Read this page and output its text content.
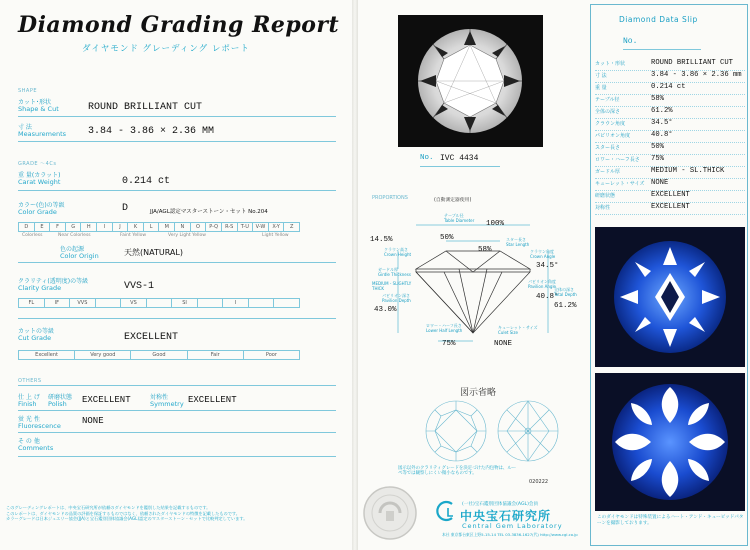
Diamond Grading Report
ダイヤモンド グレーディング レポート
SHAPE
カット･形状
Shape & Cut	ROUND BRILLIANT CUT
寸 法
Measurements 3.84 - 3.86 × 2.36 MM
GRADE ～4Cs
重 量(カラット)
Carat Weight	0.214 ct
カラー(色)の等級
Color Grade	D	JJA/AGL認定マスターストーン・セット No.204
D	E	F	G	H	I	J	K	L	M	N	O	P-Q	R-S	T-U	V-W	X-Y	Z
Colorless	Near Colorless	Faint Yellow	Very Light Yellow	Light Yellow
色の起源
Color Origin	天然(NATURAL)
クラリティ(透明度)の等級
Clarity Grade	VVS-1
FL	IF	VVS	VS	SI	I
カットの等級
Cut Grade	EXCELLENT
Excellent	Very good	Good	Fair	Poor
OTHERS
仕 上 げ
Finish
研磨状態
Polish EXCELLENT	対称性
Symmetry EXCELLENT
蛍 光 性
Fluorescence NONE
そ の 他
Comments
このグレーディングレポートは、中央宝石研究所が依頼のダイヤモンドを鑑別した結果を記載するものです。
このレポートは、ダイヤモンドの品質の評価を保証するものではなく、依頼されたダイヤモンドの特徴を記載したものです。
カラーグレードは日本ジュエリー協会(JJA)と宝石鑑別団体協議会(AGL)認定のマスターストーン・セットで比較判定しています。
No. IVC 4434
PROPORTIONS	(自動測定器使用)
100%
14.5%	50%
58%
34.5°
40.8°
61.2%
43.0%
75%	NONE
テーブル径
Table Diameter
スター長さ
Star Length
クラウン高さ
Crown Height	クラウン角度
Crown Angle
ガードル厚
Girdle Thickness
MEDIUM - SLIGHTLY THICK
パビリオン深さ
Pavilion Depth
パビリオン角度
Pavilion Angle
全体の深さ
Total Depth
ロワー・ハーフ長さ
Lower Half Length	キューレット・サイズ
Culet Size
図示省略
図示以外のクラリティグレードを決定づけた内包物は、ルーペ等では観察しにくい微小なものです。
020222
(一社)宝石鑑別団体協議会(AGL)会員
中央宝石研究所
Central Gem Laboratory
本社 東京都台東区上野5-15-14 TEL 03-3836-1627(代) http://www.cgl.co.jp
Diamond Data Slip
No.
カット・形状	ROUND BRILLIANT CUT
寸 法	3.84 - 3.86 × 2.36 mm
重 量	0.214 ct
テーブル径	58%
全体の深さ	61.2%
クラウン角度	34.5°
パビリオン角度	40.8°
スター長さ	50%
ロワー・ハーフ長さ 75%
ガードル厚	MEDIUM - SL.THICK
キューレット・サイズ NONE
研磨状態	EXCELLENT
対称性	EXCELLENT
このダイヤモンドは特殊装置によるハート・アンド・キューピッドパターンを撮影しております。
